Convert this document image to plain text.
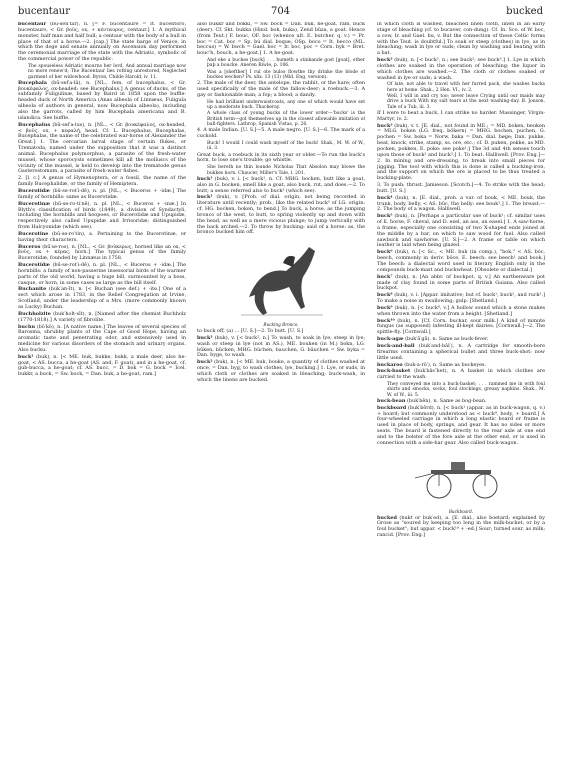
bucentaur	704	bucked

bucentaur (bū-sen′târ), n. [= F. bucentaure = It. bucentoro, bucentauro, < Gr. βοῦς, ox, + κένταυρος, centaur.] 1. A mythical monster, half man and half bull; a centaur with the body of a bull in place of that of a horse.—2. [cap.] The state barge of Venice, in which the doge and senate annually on Ascension day performed the ceremonial marriage of the state with the Adriatic, symbolic of the commercial power of the republic.

The spouseless Adriatic mourns her lord, And annual marriage now no more renew'd; The Bucentaur lies rotting unrestored, Neglected garment of her widowhood. Byron, Childe Harold, iv. 11.

Bucephala (bū-sef′a-lä), n. [NL., fem. of bucephalus, < Gr. βουκέφαλος, ox-headed: see Bucephalus.] A genus of ducks, of the subfamily Fuligulinæ, based by Baird in 1858 upon the buffle-headed duck of North America (Anas albeola of Linnæus, Fuligula albeola of authors in general, now Bucephala albeola), including also the garrots, called by him Bucephala americana and B. islandica. See buffle.

Bucephalus (bū-sef′a-lus), n. [NL., < Gr. βουκέφαλος, ox-headed, < βοῦς, ox, + κεφαλή, head. Cf. L. Bucephalus, Bucephalas, Bucephalas, the name of the celebrated war-horse of Alexander the Great.] 1. The cercarian larval stage of certain flukes, or Trematoda, named under the supposition that it was a distinct animal. Bucephalus polymorphus, a parasite of the fresh-water mussel, whose sporocysts sometimes kill all the molluscs of the vicinity of the mussel, is held to develop into the trematode genus Gasterostomum, a parasite of fresh-water fishes.

2. [l. c.] A genus of Hymenoptera, or a fossil, the name of the family Bucephalidæ, or the family of Hemiptera.

Bucerotidæ (bū-se-rot′i-dē), n. pl. [NL., < Buceros + -idæ.] The family of hornbills: same as Bucerotidæ.

Bucerotinæ (bū-se-ro-ti′nē), n. pl. [NL., < Buceros + -inæ.] In Blyth's classification of birds (1849), a division of Syndactyli, including the hornbills and hoopoes, or Bucerotidæ and Upupidæ, respectively also called Upupidæ and Irrisoridæ; distinguished from Halcyonidæ (which see).

Bucerotine (bū-se-ro′tin), a. Pertaining to the Bucerotinæ, or having their characters.

Buceros (bū′se-ros), n. [NL., < Gr. βούκερως, horned like an ox, < βοῦς, ox + κέρας, horn.] The typical genus of the family Bucerotidæ, founded by Linnæus in 1758.

Bucerotidæ (bū-se-rot′i-dē), n. pl. [NL., < Buceros + -idæ.] The hornbills: a family of non-passerine insessorial birds of the warmer parts of the old world, having a huge bill, surmounted by a boss, casque, or horn, in some cases as large as the bill itself.

Buchanite (buk′an-īt), n. [< Buchan (see def.) + -ite.] One of a sect which arose in 1783, in the Relief Congregation at Irvine, Scotland, under the leadership of a Mrs. (more commonly known as Lucky) Buchan.

Buchholzite (buk′holt-sīt), n. [Named after the chemist Buchholz (1770-1818).] A variety of fibrolite.

buchu (bö′kö), n. [A native name.] The leaves of several species of Barosma, shrubby plants of the Cape of Good Hope, having an aromatic taste and penetrating odor, and extensively used in medicine for various disorders of the stomach and urinary organs. Also bucku.

buck¹ (buk), n. [< ME. buk, bukke, bukk, a male deer, also he-goat, < AS. bucca, a he-goat (AS. and, F. goat), and in a he-goat, cf. gub-bucca, a he-goat; cf. AS. bucc, = D. bok = G. bock = Icel. bukkr, a buck, = Sw. bock, = Dan. buk, a he-goat, ram.]

also bukkr and bokki, = Sw. bock = Dan. buk, he-goat, ram, buck (deer). Cf. Skt. bukka (Hind. bok, buka), Zend bûza, a goat. Hence (from Teut.) F. bouc, OF. boc (whence ult. E. butcher, q. v.) = Pr. boc = Cat. boc = Sp. bú dial. boque, OSp. boco = It. becco (ML. beccus) = W. bwch = Gael. boc = Ir. boc, poc = Corn. byk = Bret. bouc'h, bouch, a he-goat.] 1. A he-goat.

And eke a buckes [buck] . . . humeth a stinkande gost [goat], other þaþ a boucke. Aneren Riwle, p. 106.
Was a [shefther] I rul ote bulos flowthe thy drinke the blode of buckes wechen? Ps. xlix. 13 (13) (Mid. Eng. version).

2. The male of the deer, the antelope, the rabbit, or the hare; often used specifically of the male of the fallow-deer; a roebuck.—3. A gay or fashionable man; a fop; a blood; a dandy.

He had brilliant underwaistcoats, any one of which would have set up a moderate buck. Thackeray.
A whole class of young bucks of the lower order—'bucks' is the British term—got themselves up in the closest allowable imitation of ball-fighters. Lathrop, Spanish Vistas, p. 26.

4. A male Indian. [U. S.]—5. A male negro. [U. S.]—6. The mark of a cuckold.

Buck! I would I could wash myself of the buck! Shak., M. W. of W., iii. 3.

Great buck, a roebuck in its sixth year or older.—To run the buck's horn, to lose one's trouble; go whistle.

She bereth no thin lounde Nicholas That Absolon may blowe the bukkes horn. Chaucer, Miller's Tale, l. 201.

buck¹ (buk), v. i. [< buck¹, n. Cf. MHG. bocken, butt like a goat, also in G. bocken, smell like a goat, also buck, rut, and does.—2. To butt; a sense referred also to buck² (which see).

buck¹ (buk), v. [Prob. of dial. origin, not being recorded in literature until recently; prob., like the related buck⁵ of LG. origin: cf. HG. bocken, boken, to bend.] To buck, a horse, as the jumping bronco of the west, to butt, to spring violently up and down with the head, as well as a mere vicious plunge; to jump vertically with the back arched.—2. To throw by bucking: said of a horse: as, the bronco bucked him off.

Bucking Bronco.

to buck off, (a) ... [U. S.]—2. To butt. [U. S.]

buck² (buk), v. [< buck², n.] To wash, to soak in lye; steep in lye; wash or steep in lye (not in AS.), ME. bouken (in M.) bokn, LG. bûken, bûcken; MHG. büchen, bauchen, G. bäuchen = Sw. byka = Dan. byge, to wash.

buck² (buk), n. [< ME. buk, bouke, a quantity of clothes washed at once, = Dan. byg, to wash clothes, lye, bucking.] 1. Lye, or suds, in which cloth or clothes are soaked in bleaching; buck-wash, in which the linens are bucked.

in which cloth is washed, bleached linen cloth, linen in an early stage of bleaching (cf. to bucaver, con-dung). Cf. In. Sco. of W. boc, a cow, Ir. and Gael. bu, v. But the connection of these Celtic forms with the Teut. is doubtful.] To soak or steep (clothes) in lye, as in bleaching; wash in lye or suds; clean by washing and beating with a bat.

buck² (buk), n. [< buck², n.; see buck³; see buck³.] 1. Lye in which clothes are soaked in the operation of bleaching; the liquor in which clothes are washed.—2. The cloth or clothes soaked or washed in lye or suds; a wash.

Of late, not able to travel with her furred pack, she washes bucks here at home. Shak., 2 Hen. VI., iv. 2.
Well, I will in and cry too; never leave Crying until our maids may drive a buck With my salt tears at the next washing-day. B. Jonson, Tale of a Tub, iii. 3.

If I were to beat a buck, I can strike no harder. Massinger, Virgin-Martyr, iv. 2.

buck³ (buk), v. t. [E. dial., not found in ME.; = MD. boken, beuken = MLG. boken (LG. freq. bökern) = MHG. bochen, puchen, G. pochen = Sw. boka = Norw. baka = Dan. dial. bøge; Dan. pukke, beat, knock, strike, stamp, ss. ore, etc.; cf. D. puken, pokke, as MD. pocken, pokken, E. poke: see poke¹.] The 3d and 4th senses touch upon those of buck² and buck².] 1. To beat. Halliwell. [Prov. Eng.]—2. In mining and ore-dressing, to break into small pieces for jigging. The tool with which this is done is called a bucking-iron, and the support on which the ore is placed to be thus treated a bucking-plate.

3. To push; thrust. Jamieson. [Scotch.]—4. To strike with the head; butt. [U. S.]

buck⁴ (buk), n. [E. dial., prob. a var. of bouk, < ME. bouk, the trunk, body, belly, < AS. bûc, the belly: see bouk¹.] 1. The breast.—2. The body of a wagon. Halliwell.

buck⁵ (buk), n. [Perhaps a particular use of buck¹; cf. similar uses of E. horse, F. cheval, and D. ezel, an ass, an easel.] 1. A saw-horse, a frame, especially one consisting of two X-shaped ends joined at the middle by a bar, on which to saw wood for fuel. Also called sawbuck and sawhorse. [U. S.]—2. A frame or table on which leather is laid when being glazed.

buck⁶ (buk), n. [< Sc., < ME. buk (in comp.), "bok," < AS. bóc, beech, commonly in deriv. böce, E. beech: see beech¹ and book.] The beech: a dialectal word used in literary English only in the compounds buck-mast and buckwheat. [Obsolete or dialectal.]

buck⁷ (buk), n. [An abbr. of buckpot, q. v.] An earthenware pot made of clay found in some parts of British Guiana. Also called buckpot.

buck⁸ (buk), v. i. [Appar. imitative; but cf. buck¹, buck², and ruck¹.] To make a noise in swallowing; gulp. [Shetland.]

buck⁹ (buk), n. [< buck⁸, v.] A hollow sound which a stone makes when thrown into the water from a height. [Shetland.]

buck¹⁰ (buk), n. [Cf. Corn. buckar, sour milk.] A kind of minute fungus (as supposed) infesting ill-kept dairies. [Cornwall.]—2. The spittle-fly. [Cornwall.]

buck-agæ (buk′ā′gā), n. Same as buck-fever.

buck-and-ball (buk′and-bâl′), n. A cartridge for smooth-bore firearms containing a spherical bullet and three buck-shot: now little used.

buckaroo (buk-a-rö′), n. Same as buckeyes.

buck-basket (buk′bäs″ket), n. A basket in which clothes are carried to the wash.

They conveyed me into a buck-basket; . . . rammed me in with foul shirts and smocks, socks, foul stockings, greasy napkins. Shak., M. W. of W., iii. 5.

buck-bean (buk′bēn), n. Same as bog-bean.

buckboard (buk′bōrd), n. [< buck¹ (appar. as in buck-wagon, q. v.) + board; but commonly understood as < buck⁴, body, + board.] A four-wheeled carriage in which a long elastic board or frame is used in place of body, springs, and gear. It has no sides or more seats. The board is fastened directly to the rear axle at one end and to the bolster of the fore axle at the other end, or is used in connection with a side-bar gear. Also called buck-wagon.

Buckboard.

bucked (bukt or buk′ed), a. [E. dial., also boetard; explained by Grose as "soured by keeping too long in the milk-bucket, or by a foul bucket"; but appar. < buck¹⁰ + -ed.] Sour; turned sour, as milk; rancid. [Prov. Eng.]
